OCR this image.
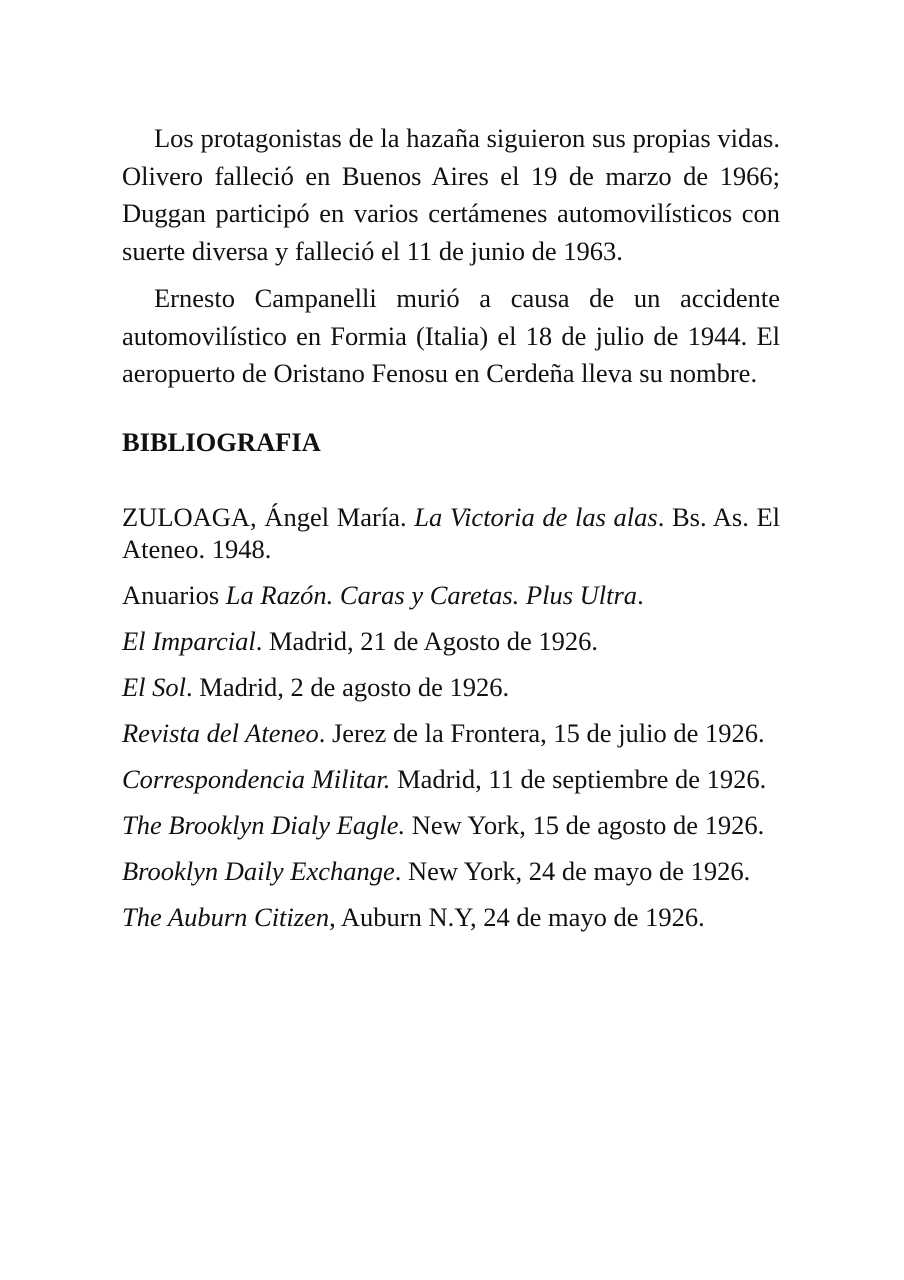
Los protagonistas de la hazaña siguieron sus propias vidas. Olivero falleció en Buenos Aires el 19 de marzo de 1966; Duggan participó en varios certámenes automovilísticos con suerte diversa y falleció el 11 de junio de 1963.

Ernesto Campanelli murió a causa de un accidente automovilístico en Formia (Italia) el 18 de julio de 1944. El aeropuerto de Oristano Fenosu en Cerdeña lleva su nombre.

BIBLIOGRAFIA

ZULOAGA, Ángel María. La Victoria de las alas. Bs. As. El Ateneo. 1948.

Anuarios La Razón. Caras y Caretas. Plus Ultra.

El Imparcial. Madrid, 21 de Agosto de 1926.

El Sol. Madrid, 2 de agosto de 1926.

Revista del Ateneo. Jerez de la Frontera, 15 de julio de 1926.

Correspondencia Militar. Madrid, 11 de septiembre de 1926.

The Brooklyn Dialy Eagle. New York, 15 de agosto de 1926.

Brooklyn Daily Exchange. New York, 24 de mayo de 1926.

The Auburn Citizen, Auburn N.Y, 24 de mayo de 1926.
